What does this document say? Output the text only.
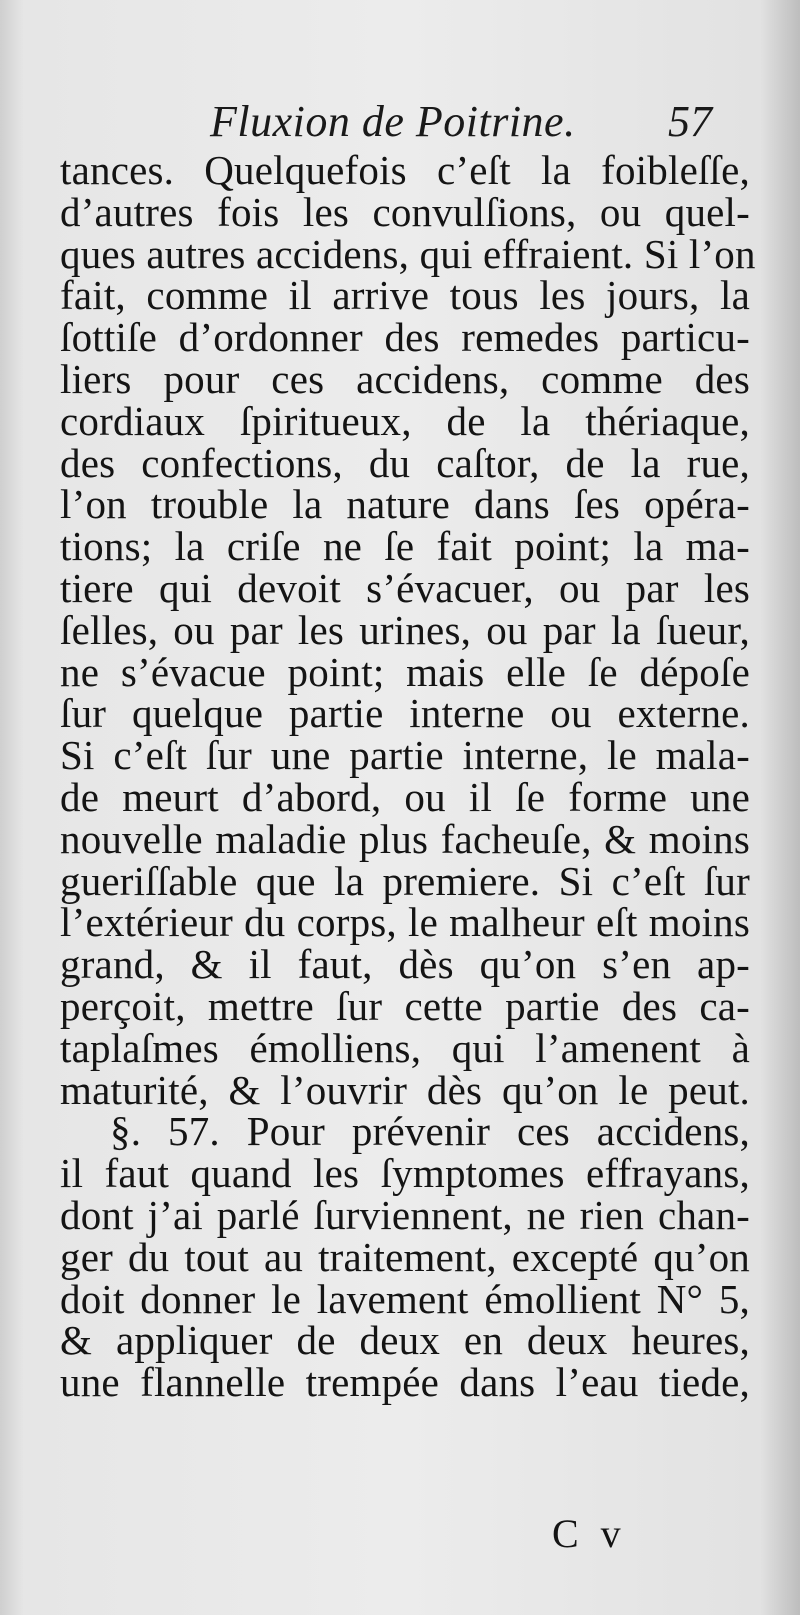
Fluxion de Poitrine. 57
tances. Quelquefois c’eſt la foibleſſe,
d’autres fois les convulſions, ou quel-
ques autres accidens, qui effraient. Si l’on
fait, comme il arrive tous les jours, la
ſottiſe d’ordonner des remedes particu-
liers pour ces accidens, comme des
cordiaux ſpiritueux, de la thériaque,
des confections, du caſtor, de la rue,
l’on trouble la nature dans ſes opéra-
tions; la criſe ne ſe fait point; la ma-
tiere qui devoit s’évacuer, ou par les
ſelles, ou par les urines, ou par la ſueur,
ne s’évacue point; mais elle ſe dépoſe
ſur quelque partie interne ou externe.
Si c’eſt ſur une partie interne, le mala-
de meurt d’abord, ou il ſe forme une
nouvelle maladie plus facheuſe, & moins
gueriſſable que la premiere. Si c’eſt ſur
l’extérieur du corps, le malheur eſt moins
grand, & il faut, dès qu’on s’en ap-
perçoit, mettre ſur cette partie des ca-
taplaſmes émolliens, qui l’amenent à
maturité, & l’ouvrir dès qu’on le peut.
§. 57. Pour prévenir ces accidens,
il faut quand les ſymptomes effrayans,
dont j’ai parlé ſurviennent, ne rien chan-
ger du tout au traitement, excepté qu’on
doit donner le lavement émollient N° 5,
& appliquer de deux en deux heures,
une flannelle trempée dans l’eau tiede,
C v
